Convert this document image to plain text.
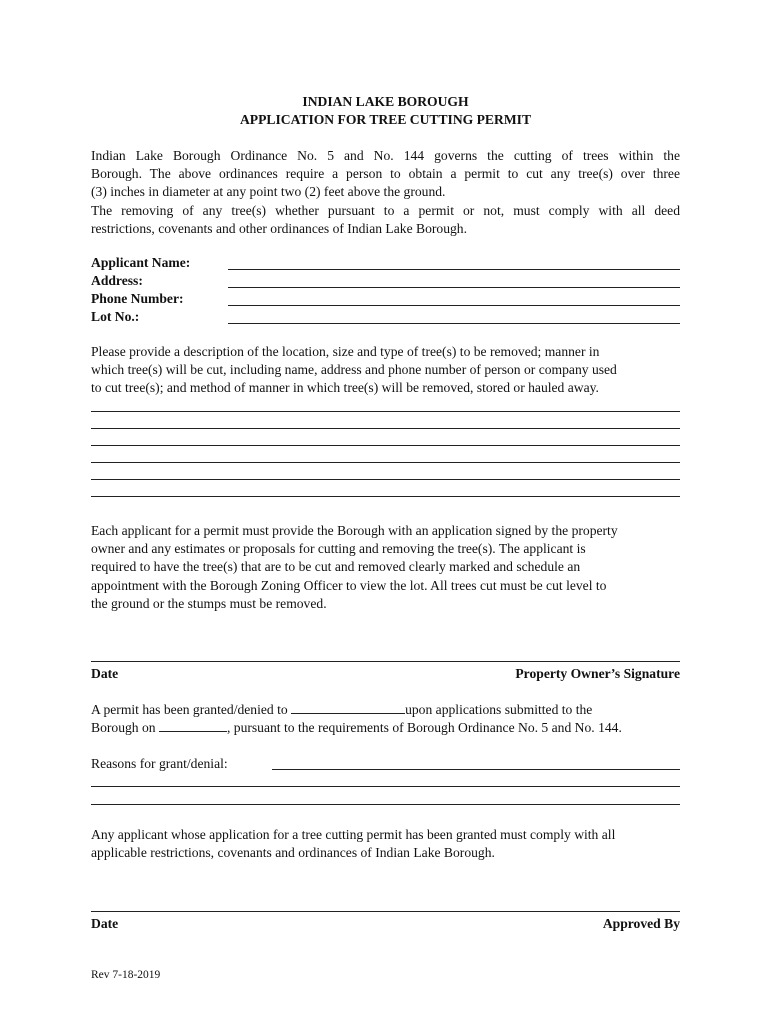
INDIAN LAKE BOROUGH
APPLICATION FOR TREE CUTTING PERMIT
Indian Lake Borough Ordinance No. 5 and No. 144 governs the cutting of trees within the
Borough. The above ordinances require a person to obtain a permit to cut any tree(s) over three
(3) inches in diameter at any point two (2) feet above the ground.
The removing of any tree(s) whether pursuant to a permit or not, must comply with all deed
restrictions, covenants and other ordinances of Indian Lake Borough.
Applicant Name:
Address:
Phone Number:
Lot No.:
Please provide a description of the location, size and type of tree(s) to be removed; manner in
which tree(s) will be cut, including name, address and phone number of person or company used
to cut tree(s); and method of manner in which tree(s) will be removed, stored or hauled away.
Each applicant for a permit must provide the Borough with an application signed by the property
owner and any estimates or proposals for cutting and removing the tree(s). The applicant is
required to have the tree(s) that are to be cut and removed clearly marked and schedule an
appointment with the Borough Zoning Officer to view the lot. All trees cut must be cut level to
the ground or the stumps must be removed.
Date	Property Owner’s Signature
A permit has been granted/denied to	upon applications submitted to the
Borough on	, pursuant to the requirements of Borough Ordinance No. 5 and No. 144.
Reasons for grant/denial:
Any applicant whose application for a tree cutting permit has been granted must comply with all
applicable restrictions, covenants and ordinances of Indian Lake Borough.
Date	Approved By
Rev 7-18-2019
